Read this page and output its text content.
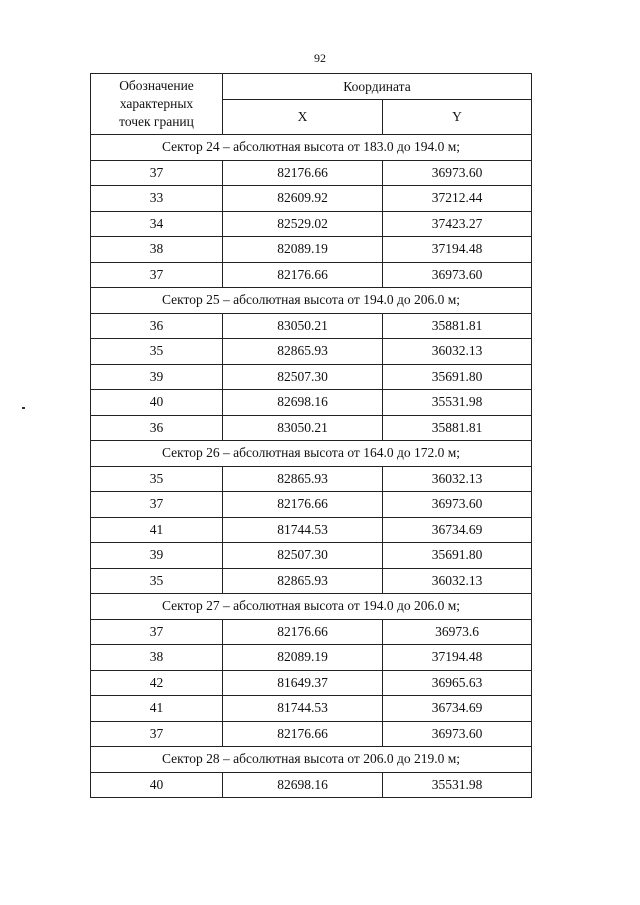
92
Обозначение
характерных
точек границ	Координата	
	X	Y
Сектор 24 – абсолютная высота от 183.0 до 194.0 м;		
37	82176.66	36973.60
33	82609.92	37212.44
34	82529.02	37423.27
38	82089.19	37194.48
37	82176.66	36973.60
Сектор 25 – абсолютная высота от 194.0 до 206.0 м;		
36	83050.21	35881.81
35	82865.93	36032.13
39	82507.30	35691.80
40	82698.16	35531.98
36	83050.21	35881.81
Сектор 26 – абсолютная высота от 164.0 до 172.0 м;		
35	82865.93	36032.13
37	82176.66	36973.60
41	81744.53	36734.69
39	82507.30	35691.80
35	82865.93	36032.13
Сектор 27 – абсолютная высота от 194.0 до 206.0 м;		
37	82176.66	36973.6
38	82089.19	37194.48
42	81649.37	36965.63
41	81744.53	36734.69
37	82176.66	36973.60
Сектор 28 – абсолютная высота от 206.0 до 219.0 м;		
40	82698.16	35531.98
